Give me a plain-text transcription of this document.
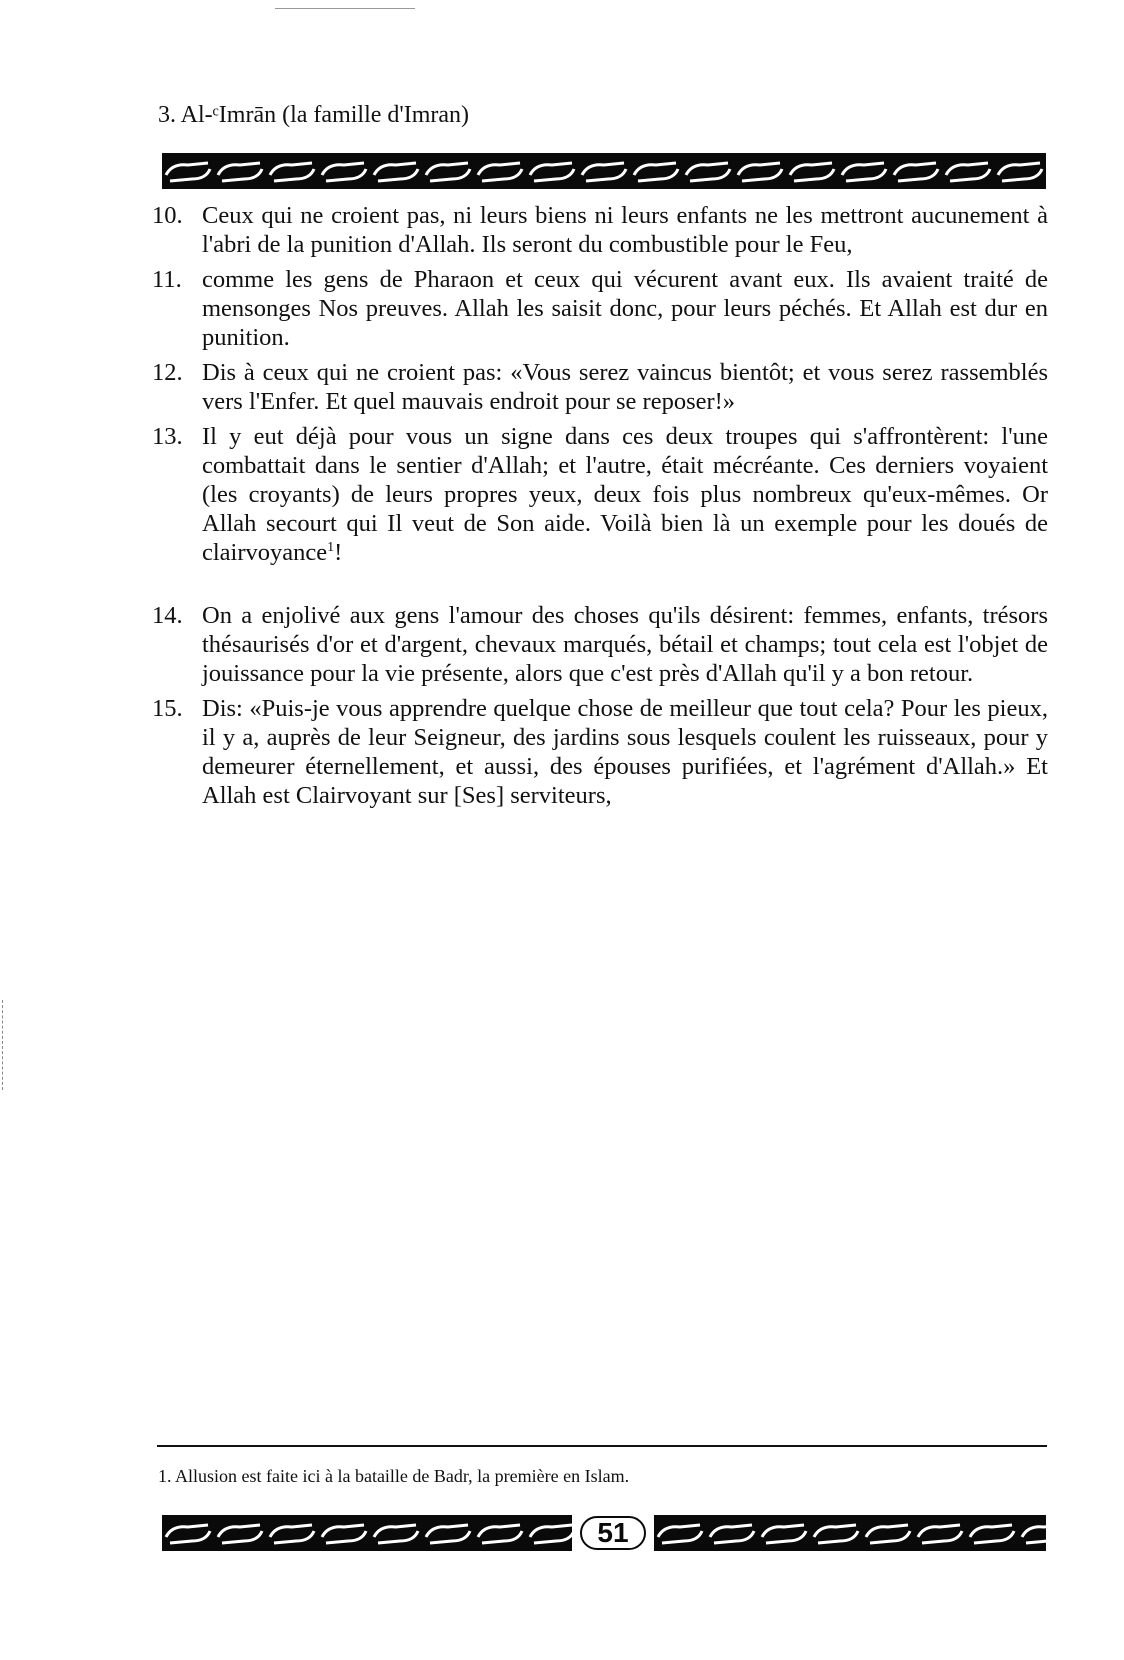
3. Al-ᶜImrān (la famille d'Imran)
10. Ceux qui ne croient pas, ni leurs biens ni leurs enfants ne les mettront aucunement à l'abri de la punition d'Allah. Ils seront du combustible pour le Feu,
11. comme les gens de Pharaon et ceux qui vécurent avant eux. Ils avaient traité de mensonges Nos preuves. Allah les saisit donc, pour leurs péchés. Et Allah est dur en punition.
12. Dis à ceux qui ne croient pas: «Vous serez vaincus bientôt; et vous serez rassemblés vers l'Enfer. Et quel mauvais endroit pour se reposer!»
13. Il y eut déjà pour vous un signe dans ces deux troupes qui s'affrontèrent: l'une combattait dans le sentier d'Allah; et l'autre, était mécréante. Ces derniers voyaient (les croyants) de leurs propres yeux, deux fois plus nombreux qu'eux-mêmes. Or Allah secourt qui Il veut de Son aide. Voilà bien là un exemple pour les doués de clairvoyance$^1$!
14. On a enjolivé aux gens l'amour des choses qu'ils désirent: femmes, enfants, trésors thésaurisés d'or et d'argent, chevaux marqués, bétail et champs; tout cela est l'objet de jouissance pour la vie présente, alors que c'est près d'Allah qu'il y a bon retour.
15. Dis: «Puis-je vous apprendre quelque chose de meilleur que tout cela? Pour les pieux, il y a, auprès de leur Seigneur, des jardins sous lesquels coulent les ruisseaux, pour y demeurer éternellement, et aussi, des épouses purifiées, et l'agrément d'Allah.» Et Allah est Clairvoyant sur [Ses] serviteurs,
1. Allusion est faite ici à la bataille de Badr, la première en Islam.
51
